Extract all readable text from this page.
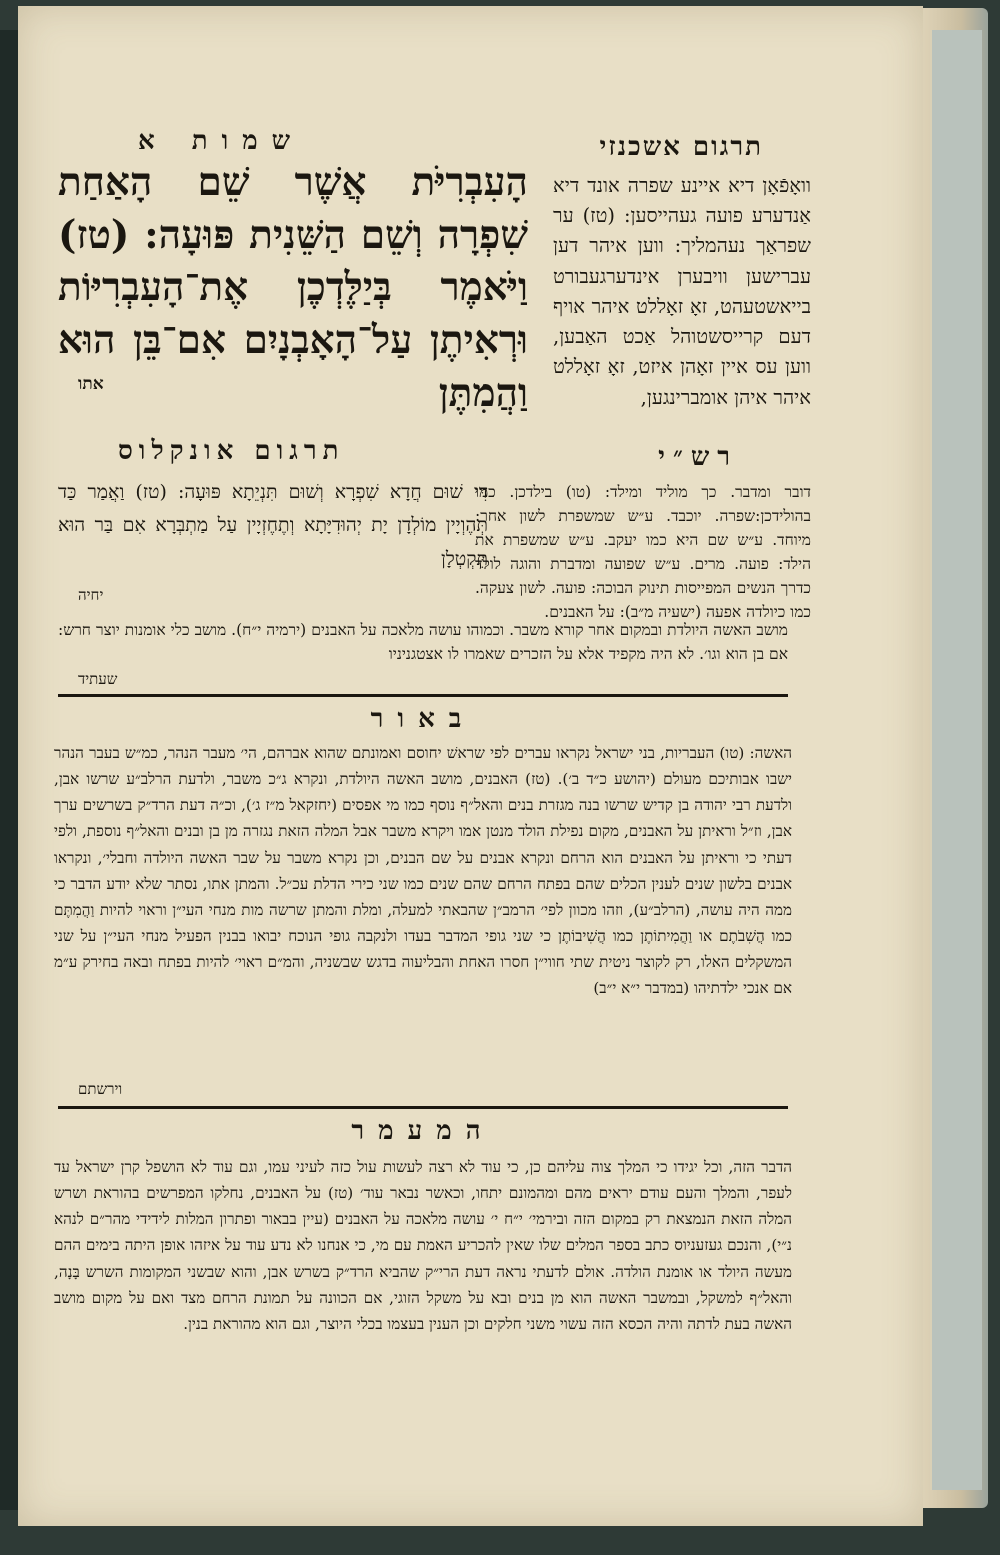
שמות א	תרגום אשכנזי
הָעִבְרִיֹּת אֲשֶׁר שֵׁם הָאַחַת שִׁפְרָה וְשֵׁם הַשֵּׁנִית פּוּעָה: (טז) וַיֹּאמֶר בְּיַלֶּדְכֶן אֶת־הָעִבְרִיּוֹת וּרְאִיתֶן עַל־הָאָבְנָיִם אִם־בֵּן הוּא וַהֲמִתֶּן
אתו
וואָפֿאָן דיא איינע שפרה אונד דיא אַנדערע פועה געהייסען: (טז) ער שפראַך נעהמליך: ווען איהר דען עברישען וויבערן אינדערגעבורט בייאשטעהט, זאָ זאָללט איהר אויף דעם קרייסשטוהל אַכט האַבען, ווען עס איין זאָהן איזט, זאָ זאָללט איהר איהן אומברינגען,
תרגום אונקלוס
דִּי שׁוּם חֲדָא שִׁפְרָא וְשׁוּם תִּנְיֵתָא פּוּעָה: (טז) וַאֲמַר כַּד תְּהֶוְיָין מוֹלְדָן יָת יְהוּדִיָּתָא וְתֶחֶזְיָין עַל מַתְבְּרָא אִם בַּר הוּא תִּקְטְלָן
יחיה
רש״י
דובר ומדבר. כך מוליד ומילד: (טו) בילדכן. כמו בהולידכן:שפרה. יוכבד. ע״ש שמשפרת לשון אחר: מיוחד. ע״ש שם היא כמו יעקב. ע״ש שמשפרת את הילד: פועה. מרים. ע״ש שפועה ומדברת והוגה לולד כדרך הנשים המפייסות תינוק הבוכה: פועה. לשון צעקה. כמו כיולדה אפעה (ישעיה מ״ב): על האבנים.
מושב האשה היולדת ובמקום אחר קורא משבר. וכמוהו עושה מלאכה על האבנים (ירמיה י״ח). מושב כלי אומנות יוצר חרש: אם בן הוא וגו׳. לא היה מקפיד אלא על הזכרים שאמרו לו אצטגניניו
שעתיד
באור
האשה: (טו) העבריות, בני ישראל נקראו עברים לפי שראשׁ יחוסם ואמונתם שהוא אברהם, הי׳ מעבר הנהר, כמ״ש בעבר הנהר ישבו אבותיכם מעולם (יהושע כ״ד ב׳). (טז) האבנים, מושב האשה היולדת, ונקרא ג״כ משבר, ולדעת הרלב״ע שרשו אבן, ולדעת רבי יהודה בן קדיש שרשו בנה מגזרת בנים והאל״ף נוסף כמו מי אפסים (יחזקאל מ״ז ג׳), וכ״ה דעת הרד״ק בשרשים ערך אבן, וז״ל וראיתן על האבנים, מקום נפילת הולד מנטן אמו ויקרא משבר אבל המלה הזאת נגזרה מן בן ובנים והאל״ף נוספת, ולפי דעתי כי וראיתן על האבנים הוא הרחם ונקרא אבנים על שם הבנים, וכן נקרא משבר על שבר האשה היולדה וחבלי׳, ונקראו אבנים בלשון שנים לענין הכלים שהם בפתח הרחם שהם שנים כמו שני כירי הדלת עכ״ל. והמתן אתו, נסתר שלא יודע הדבר כי ממה היה עושה, (הרלב״ע), וזהו מכוון לפי׳ הרמב״ן שהבאתי למעלה, ומלת והמתן שרשה מות מנחי העי״ן וראוי להיות וַהֲמִתֶּם כמו הֲשִׁבֹתֶם או וַהֲמִיתוֹתֶן כמו הֲשִׁיבוֹתֶן כי שני גופי המדבר בעדו ולנקבה גופי הנוכח יבואו בבנין הפעיל מנחי העי״ן על שני המשקלים האלו, רק לקוצר ניטית שתי חווי״ן חסרו האחת והבליעוה בדגש שבשניה, והמ״ם ראוי׳ להיות בפתח ובאה בחירק ע״מ אם אנכי ילדתיהו (במדבר י״א י״ב)
וירשתם
המעמר
הדבר הזה, וכל יגידו כי המלך צוה עליהם כן, כי עוד לא רצה לעשות עול כזה לעיני עמו, וגם עוד לא הושפל קרן ישראל עד לעפר, והמלך והעם עודם יראים מהם ומהמונם יתחו, וכאשר נבאר עוד׳ (טז) על האבנים, נחלקו המפרשים בהוראת ושרש המלה הזאת הנמצאת רק במקום הזה ובירמי׳ י״ח י׳ עושה מלאכה על האבנים (עיין בבאור ופתרון המלות לידידי מהר״ם לנהא נ״י), והנכם געזעניוס כתב בספר המלים שלו שאין להכריע האמת עם מי, כי אנחנו לא נדע עוד על איזהו אופן היתה בימים ההם מעשה היולד או אומנת הולדה. אולם לדעתי נראה דעת הרי״ק שהביא הרד״ק בשרש אבן, והוא שבשני המקומות השרש בָּנָה, והאל״ף למשקל, ובמשבר האשה הוא מן בנים ובא על משקל הזוגי, אם הכוונה על תמונת הרחם מצד ואם על מקום מושב האשה בעת לדתה והיה הכסא הזה עשוי משני חלקים וכן הענין בעצמו בכלי היוצר, וגם הוא מהוראת בנין.
